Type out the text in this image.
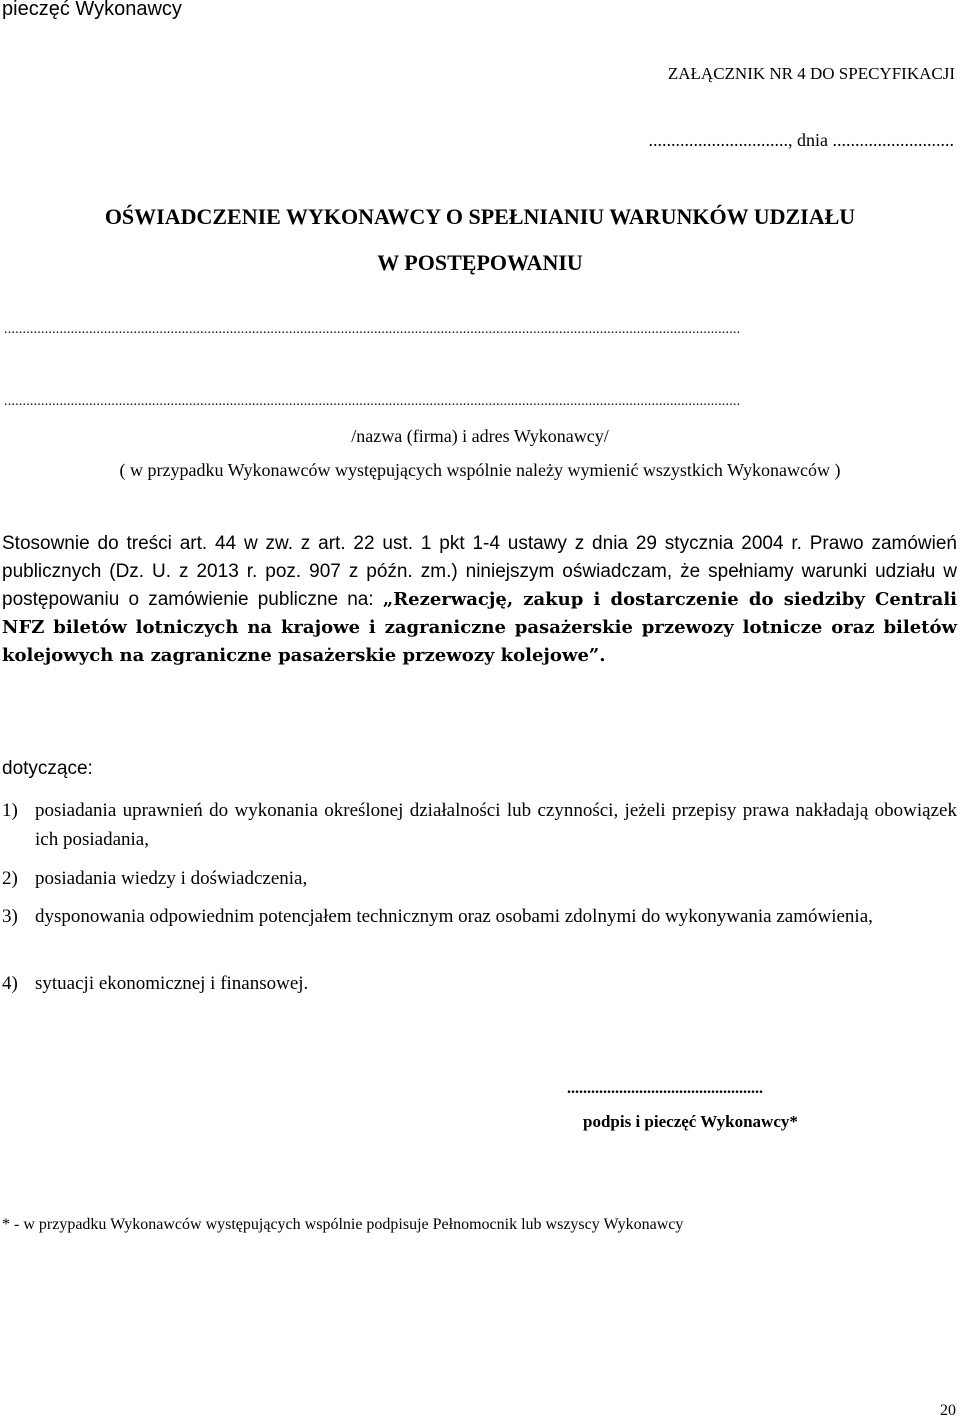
pieczęć Wykonawcy
ZAŁĄCZNIK NR 4 DO SPECYFIKACJI
..............................., dnia ...........................
OŚWIADCZENIE WYKONAWCY O SPEŁNIANIU WARUNKÓW UDZIAŁU
W POSTĘPOWANIU
.......................................................................................................................................................................................................
.......................................................................................................................................................................................................
/nazwa (firma) i adres Wykonawcy/
( w przypadku Wykonawców występujących wspólnie należy wymienić wszystkich Wykonawców )
Stosownie do treści art. 44 w zw. z art. 22 ust. 1 pkt 1-4 ustawy z dnia 29 stycznia 2004 r. Prawo zamówień publicznych (Dz. U. z 2013 r. poz. 907 z późn. zm.) niniejszym oświadczam, że spełniamy warunki udziału w postępowaniu o zamówienie publiczne na: „Rezerwację, zakup i dostarczenie do siedziby Centrali NFZ biletów lotniczych na krajowe i zagraniczne pasażerskie przewozy lotnicze oraz biletów kolejowych na zagraniczne pasażerskie przewozy kolejowe”.
dotyczące:
1) posiadania uprawnień do wykonania określonej działalności lub czynności, jeżeli przepisy prawa nakładają obowiązek ich posiadania,
2) posiadania wiedzy i doświadczenia,
3) dysponowania odpowiednim potencjałem technicznym oraz osobami zdolnymi do wykonywania zamówienia,
4) sytuacji ekonomicznej i finansowej.
.................................................
podpis i pieczęć Wykonawcy*
* - w przypadku Wykonawców występujących wspólnie podpisuje Pełnomocnik lub wszyscy Wykonawcy
20
